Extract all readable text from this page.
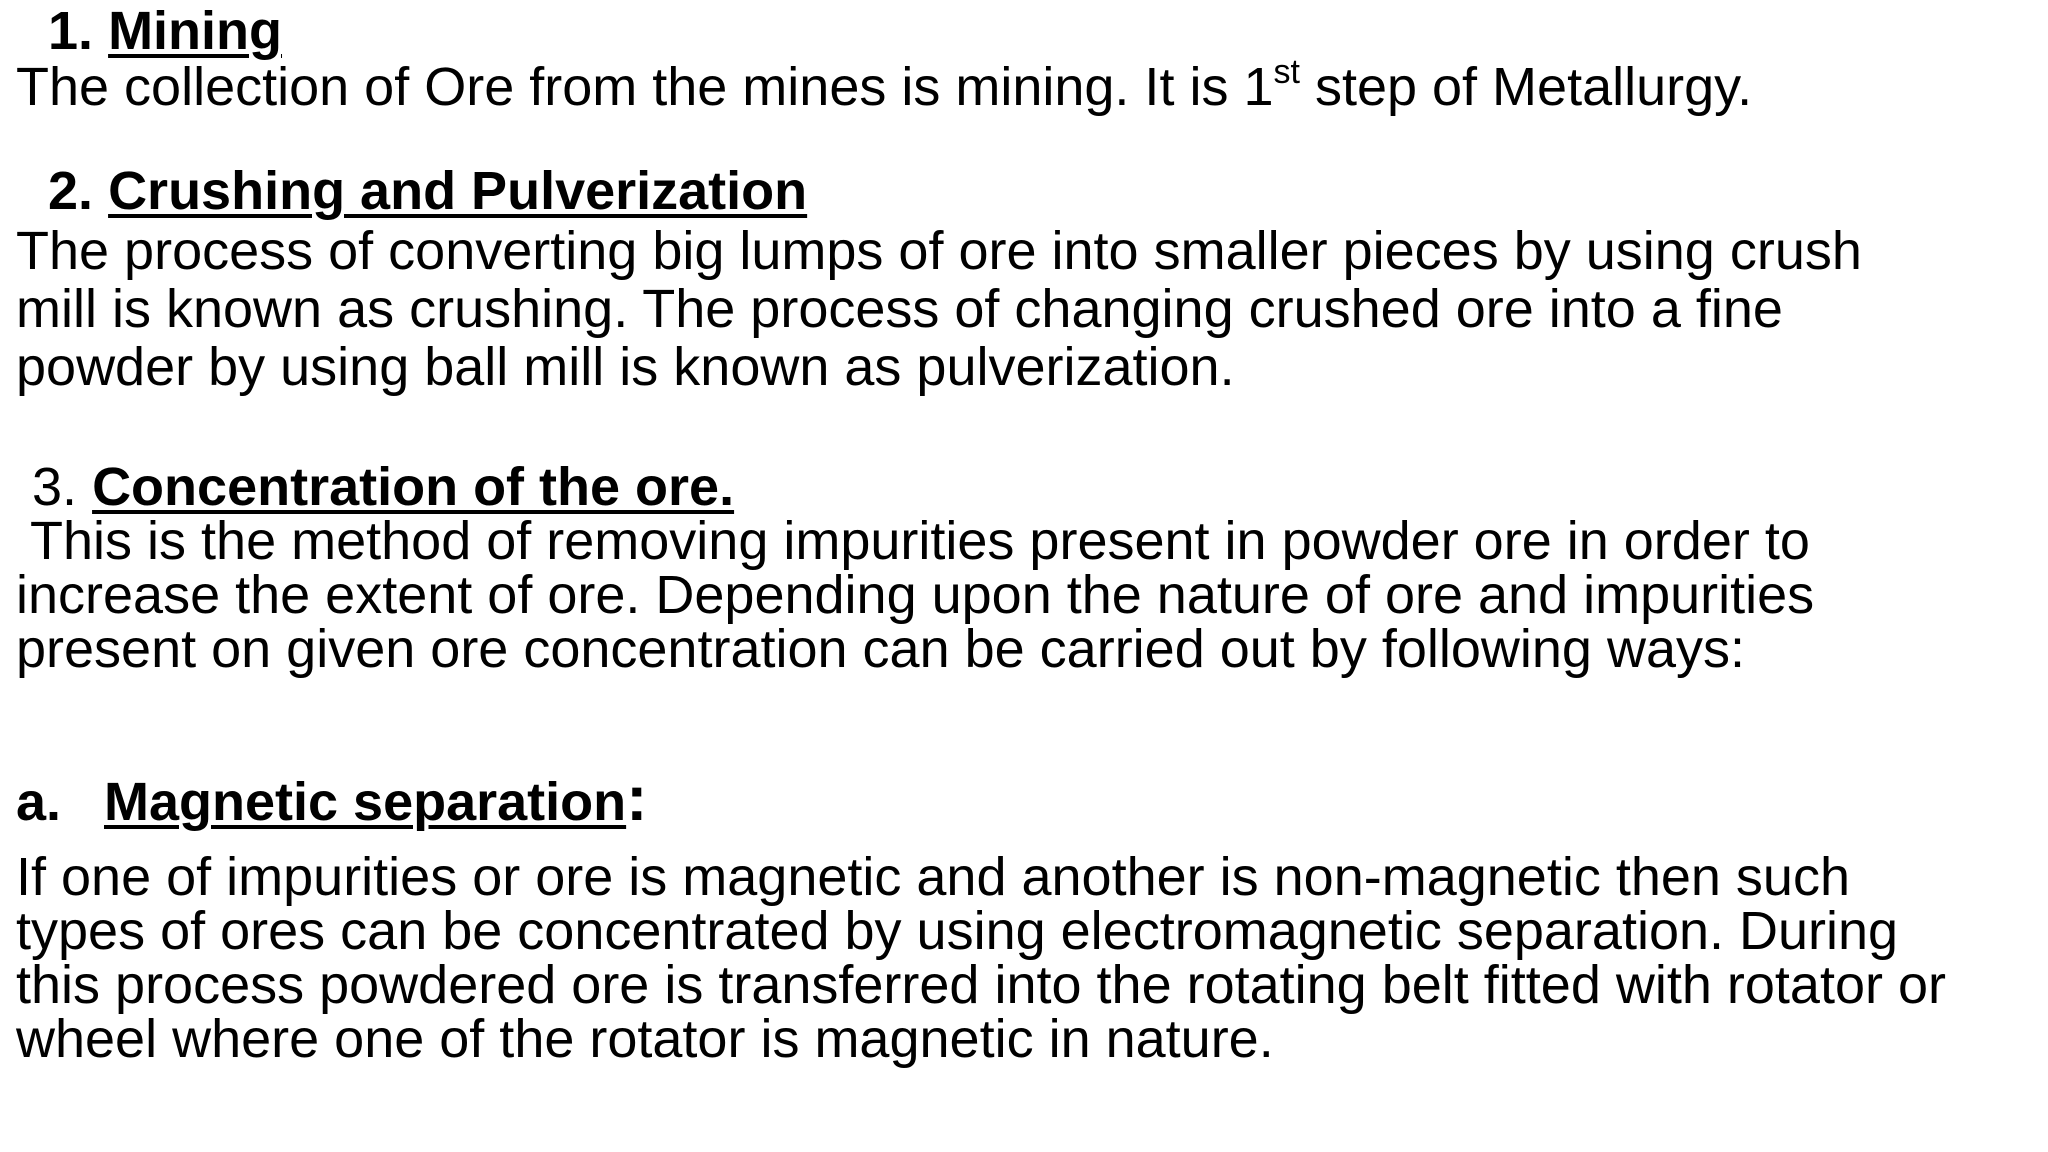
1. Mining
The collection of Ore from the mines is mining. It is 1st step of Metallurgy.
2. Crushing and Pulverization
The process of converting big lumps of ore into smaller pieces by using crush
mill is known as crushing. The process of changing crushed ore into a fine
powder by using ball mill is known as pulverization.
3. Concentration of the ore.
This is the method of removing impurities present in powder ore in order to
increase the extent of ore. Depending upon the nature of ore and impurities
present on given ore concentration can be carried out by following ways:
a. Magnetic separation:
If one of impurities or ore is magnetic and another is non-magnetic then such
types of ores can be concentrated by using electromagnetic separation. During
this process powdered ore is transferred into the rotating belt fitted with rotator or
wheel where one of the rotator is magnetic in nature.
